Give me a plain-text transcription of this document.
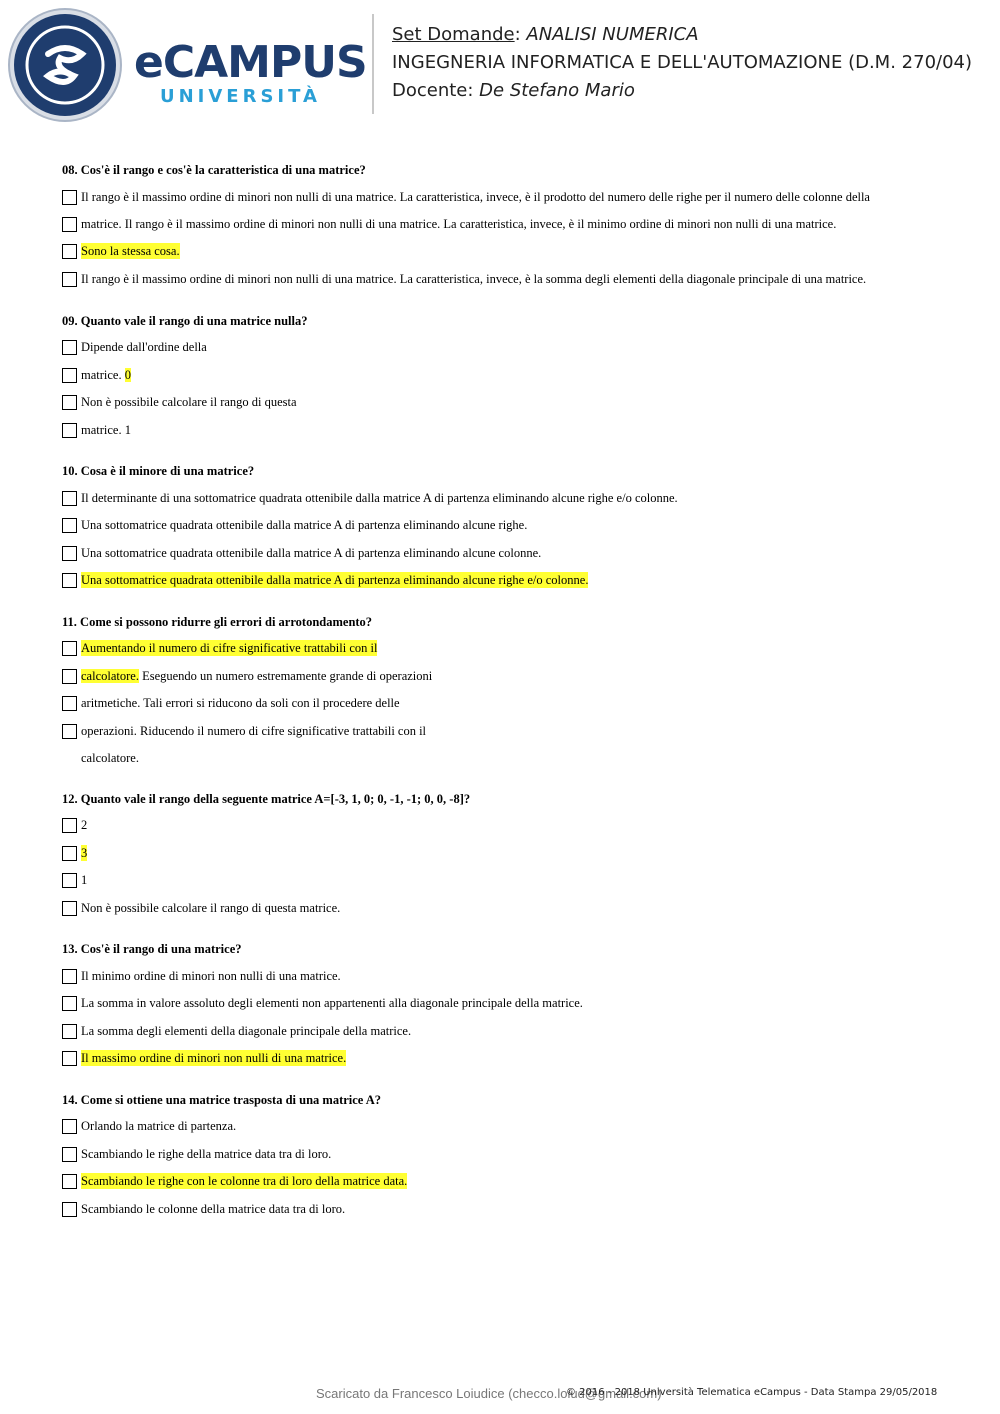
eCAMPUS
UNIVERSITÀ
Set Domande: ANALISI NUMERICA
INGEGNERIA INFORMATICA E DELL'AUTOMAZIONE (D.M. 270/04)
Docente: De Stefano Mario
08. Cos'è il rango e cos'è la caratteristica di una matrice?
Il rango è il massimo ordine di minori non nulli di una matrice. La caratteristica, invece, è il prodotto del numero delle righe per il numero delle colonne della
matrice. Il rango è il massimo ordine di minori non nulli di una matrice. La caratteristica, invece, è il minimo ordine di minori non nulli di una matrice.
Sono la stessa cosa.
Il rango è il massimo ordine di minori non nulli di una matrice. La caratteristica, invece, è la somma degli elementi della diagonale principale di una matrice.
09. Quanto vale il rango di una matrice nulla?
Dipende dall'ordine della
matrice. 0
Non è possibile calcolare il rango di questa
matrice. 1
10. Cosa è il minore di una matrice?
Il determinante di una sottomatrice quadrata ottenibile dalla matrice A di partenza eliminando alcune righe e/o colonne.
Una sottomatrice quadrata ottenibile dalla matrice A di partenza eliminando alcune righe.
Una sottomatrice quadrata ottenibile dalla matrice A di partenza eliminando alcune colonne.
Una sottomatrice quadrata ottenibile dalla matrice A di partenza eliminando alcune righe e/o colonne.
11. Come si possono ridurre gli errori di arrotondamento?
Aumentando il numero di cifre significative trattabili con il
calcolatore. Eseguendo un numero estremamente grande di operazioni
aritmetiche. Tali errori si riducono da soli con il procedere delle
operazioni. Riducendo il numero di cifre significative trattabili con il
calcolatore.
12. Quanto vale il rango della seguente matrice A=[-3, 1, 0; 0, -1, -1; 0, 0, -8]?
2
3
1
Non è possibile calcolare il rango di questa matrice.
13. Cos'è il rango di una matrice?
Il minimo ordine di minori non nulli di una matrice.
La somma in valore assoluto degli elementi non appartenenti alla diagonale principale della matrice.
La somma degli elementi della diagonale principale della matrice.
Il massimo ordine di minori non nulli di una matrice.
14. Come si ottiene una matrice trasposta di una matrice A?
Orlando la matrice di partenza.
Scambiando le righe della matrice data tra di loro.
Scambiando le righe con le colonne tra di loro della matrice data.
Scambiando le colonne della matrice data tra di loro.
Scaricato da Francesco Loiudice (checco.loiud@gmail.com)
© 2016 - 2018 Università Telematica eCampus - Data Stampa 29/05/2018
